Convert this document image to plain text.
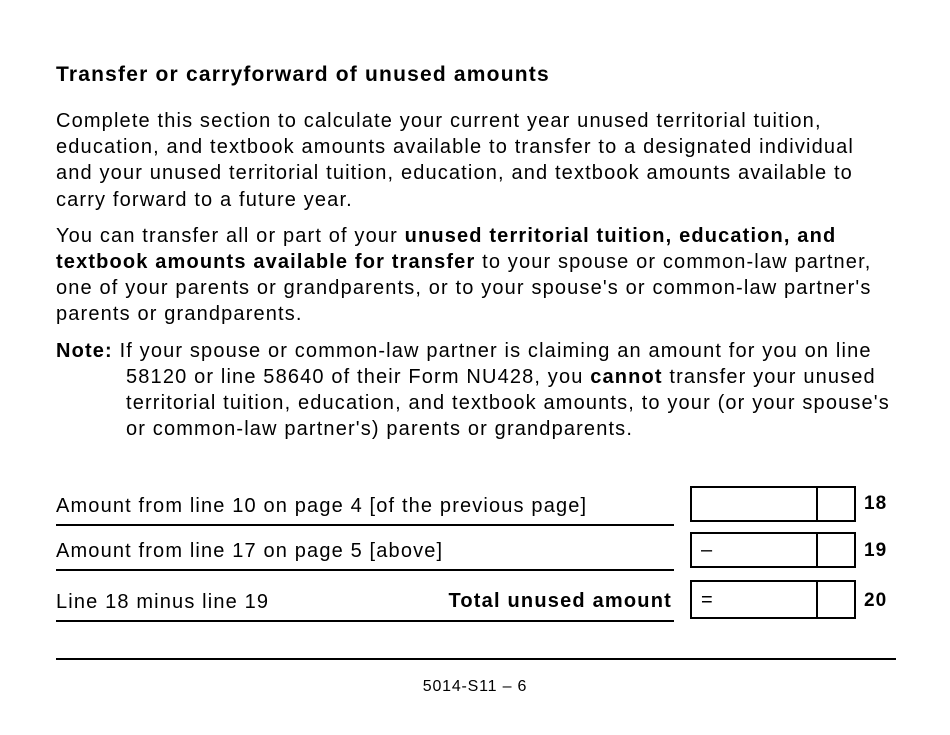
Transfer or carryforward of unused amounts

Complete this section to calculate your current year unused territorial tuition, education, and textbook amounts available to transfer to a designated individual and your unused territorial tuition, education, and textbook amounts available to carry forward to a future year.

You can transfer all or part of your unused territorial tuition, education, and textbook amounts available for transfer to your spouse or common-law partner, one of your parents or grandparents, or to your spouse's or common-law partner's parents or grandparents.

Note: If your spouse or common-law partner is claiming an amount for you on line 58120 or line 58640 of their Form NU428, you cannot transfer your unused territorial tuition, education, and textbook amounts, to your (or your spouse's or common-law partner's) parents or grandparents.

Amount from line 10 on page 4 [of the previous page]	18
Amount from line 17 on page 5 [above]	–	19
Line 18 minus line 19	Total unused amount =	20
5014-S11 – 6
